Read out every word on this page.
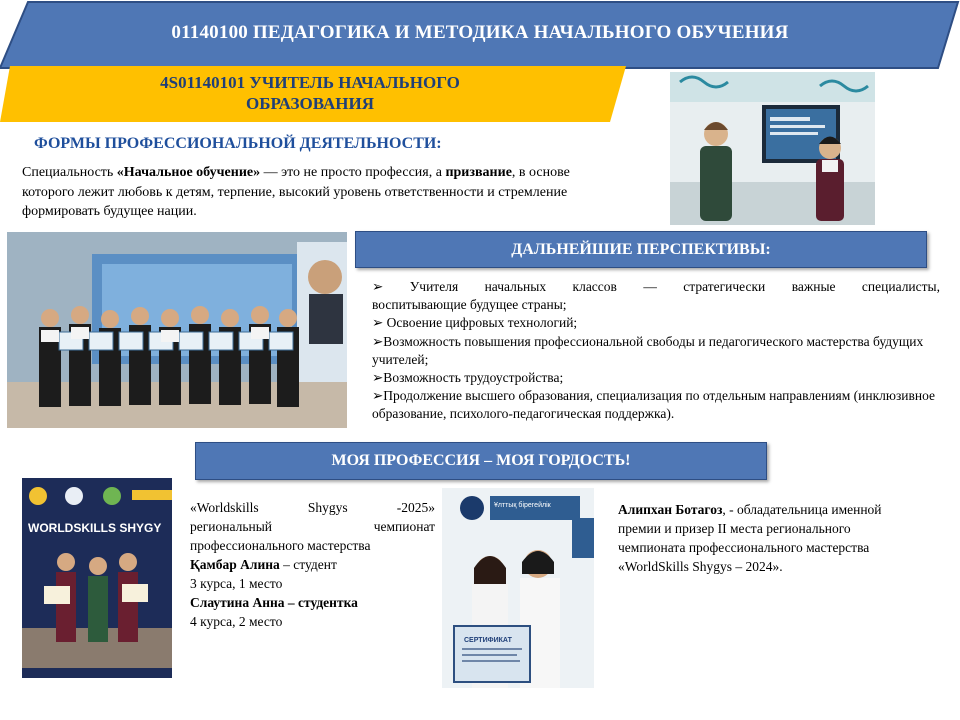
01140100 ПЕДАГОГИКА И МЕТОДИКА НАЧАЛЬНОГО ОБУЧЕНИЯ
4S01140101 УЧИТЕЛЬ НАЧАЛЬНОГО
ОБРАЗОВАНИЯ
ФОРМЫ ПРОФЕССИОНАЛЬНОЙ ДЕЯТЕЛЬНОСТИ:
Специальность «Начальное обучение» — это не просто профессия, а призвание, в основе которого лежит любовь к детям, терпение, высокий уровень ответственности и стремление формировать будущее нации.
ДАЛЬНЕЙШИЕ ПЕРСПЕКТИВЫ:

➢ Учителя начальных классов — стратегически важные специалисты,

воспитывающие будущее страны;

➢ Освоение цифровых технологий;

➢Возможность повышения профессиональной свободы и педагогического мастерства будущих учителей;

➢Возможность трудоустройства;

➢Продолжение высшего образования, специализация по отдельным направлениям (инклюзивное образование, психолого-педагогическая поддержка).

МОЯ ПРОФЕССИЯ – МОЯ ГОРДОСТЬ!
WORLDSKILLS SHYGY

«Worldskills Shygys -2025»

региональный чемпионат

профессионального мастерства

Қамбар Алина – студент

3 курса, 1 место

Слаутина Анна – студентка

4 курса, 2 место

Ұлттық бірегейлік
СЕРТИФИКАТ
Алипхан Ботагоз, - обладательница именной премии и призер II места регионального чемпионата профессионального мастерства «WorldSkills Shygys – 2024».
